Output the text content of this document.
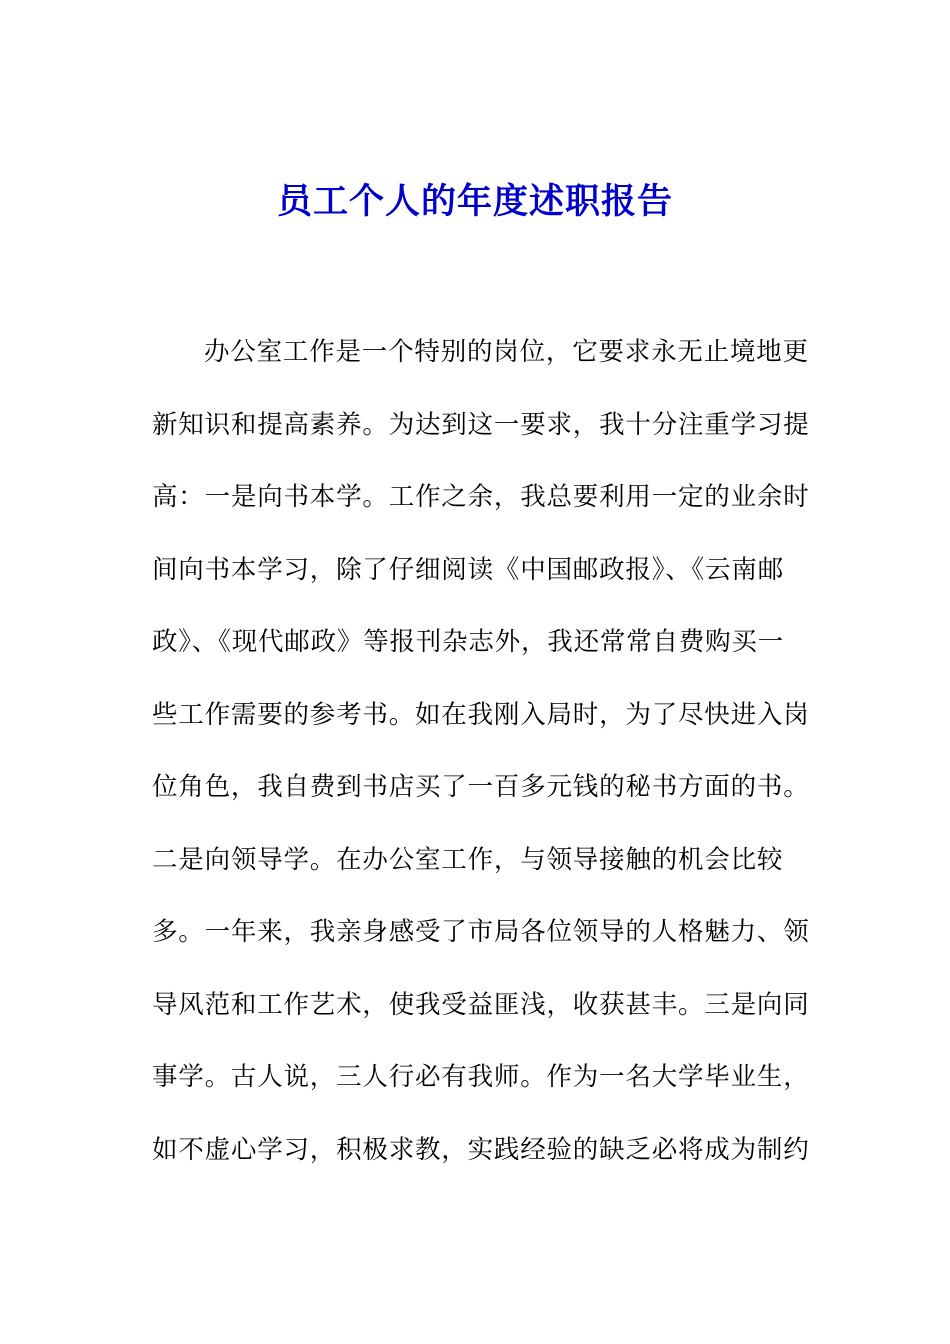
员工个人的年度述职报告
办公室工作是一个特别的岗位，它要求永无止境地更
新知识和提高素养。为达到这一要求，我十分注重学习提
高：一是向书本学。工作之余，我总要利用一定的业余时
间向书本学习，除了仔细阅读《中国邮政报》、《云南邮
政》、《现代邮政》等报刊杂志外，我还常常自费购买一
些工作需要的参考书。如在我刚入局时，为了尽快进入岗
位角色，我自费到书店买了一百多元钱的秘书方面的书。
二是向领导学。在办公室工作，与领导接触的机会比较
多。一年来，我亲身感受了市局各位领导的人格魅力、领
导风范和工作艺术，使我受益匪浅，收获甚丰。三是向同
事学。古人说，三人行必有我师。作为一名大学毕业生，
如不虚心学习，积极求教，实践经验的缺乏必将成为制约
